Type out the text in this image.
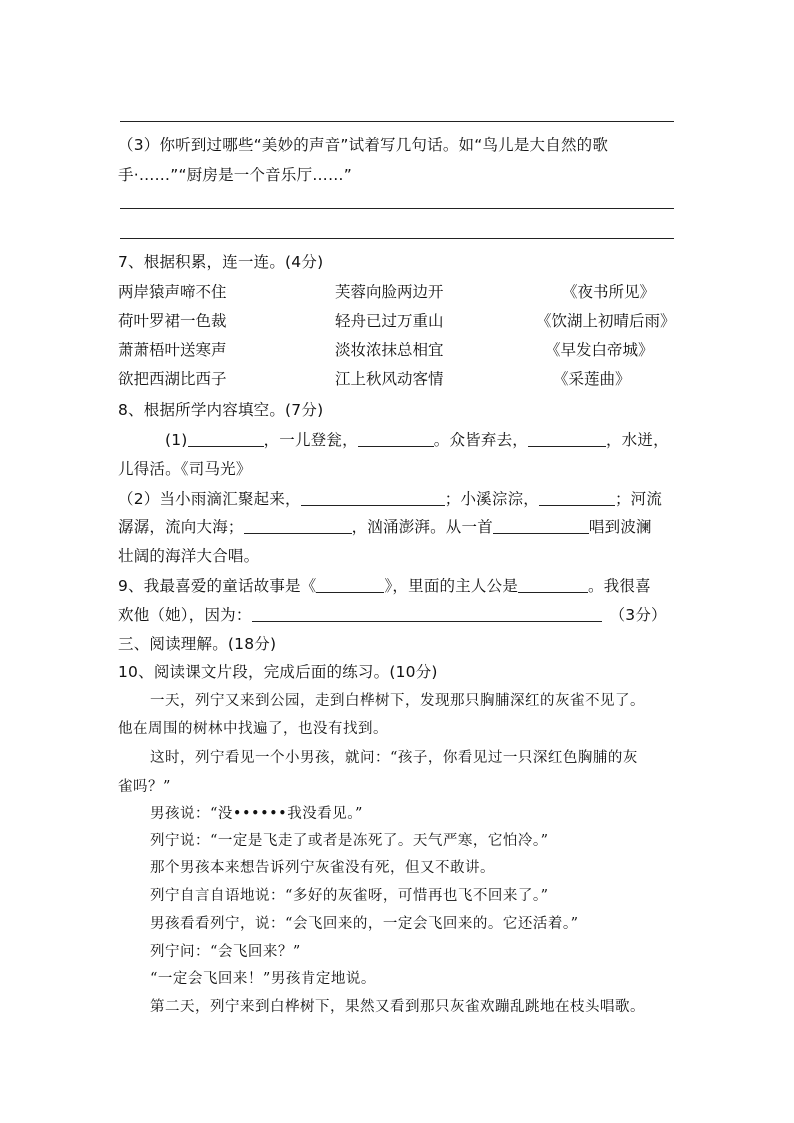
（3）你听到过哪些“美妙的声音”试着写几句话。如“鸟儿是大自然的歌
手·……”“厨房是一个音乐厅……”
7、根据积累，连一连。(4分)
两岸猿声啼不住	芙蓉向脸两边开	《夜书所见》
荷叶罗裙一色裁	轻舟已过万重山	《饮湖上初晴后雨》
萧萧梧叶送寒声	淡妆浓抹总相宜	《早发白帝城》
欲把西湖比西子	江上秋风动客情	《采莲曲》
8、根据所学内容填空。(7分)
(1)	，一儿登瓮，	。众皆弃去，	，水迸，
儿得活。《司马光》
（2）当小雨滴汇聚起来，	；小溪淙淙，	；河流
潺潺，流向大海；	，汹涌澎湃。从一首	唱到波澜
壮阔的海洋大合唱。
9、我最喜爱的童话故事是《	》，里面的主人公是	。我很喜
欢他（她），因为：	（3分）
三、阅读理解。(18分)
10、阅读课文片段，完成后面的练习。(10分)
一天，列宁又来到公园，走到白桦树下，发现那只胸脯深红的灰雀不见了。
他在周围的树林中找遍了，也没有找到。
这时，列宁看见一个小男孩，就问：“孩子，你看见过一只深红色胸脯的灰
雀吗？”
男孩说：“没••••••我没看见。”
列宁说：“一定是飞走了或者是冻死了。天气严寒，它怕冷。”
那个男孩本来想告诉列宁灰雀没有死，但又不敢讲。
列宁自言自语地说：“多好的灰雀呀，可惜再也飞不回来了。”
男孩看看列宁，说：“会飞回来的，一定会飞回来的。它还活着。”
列宁问：“会飞回来？”
“一定会飞回来！”男孩肯定地说。
第二天，列宁来到白桦树下，果然又看到那只灰雀欢蹦乱跳地在枝头唱歌。
